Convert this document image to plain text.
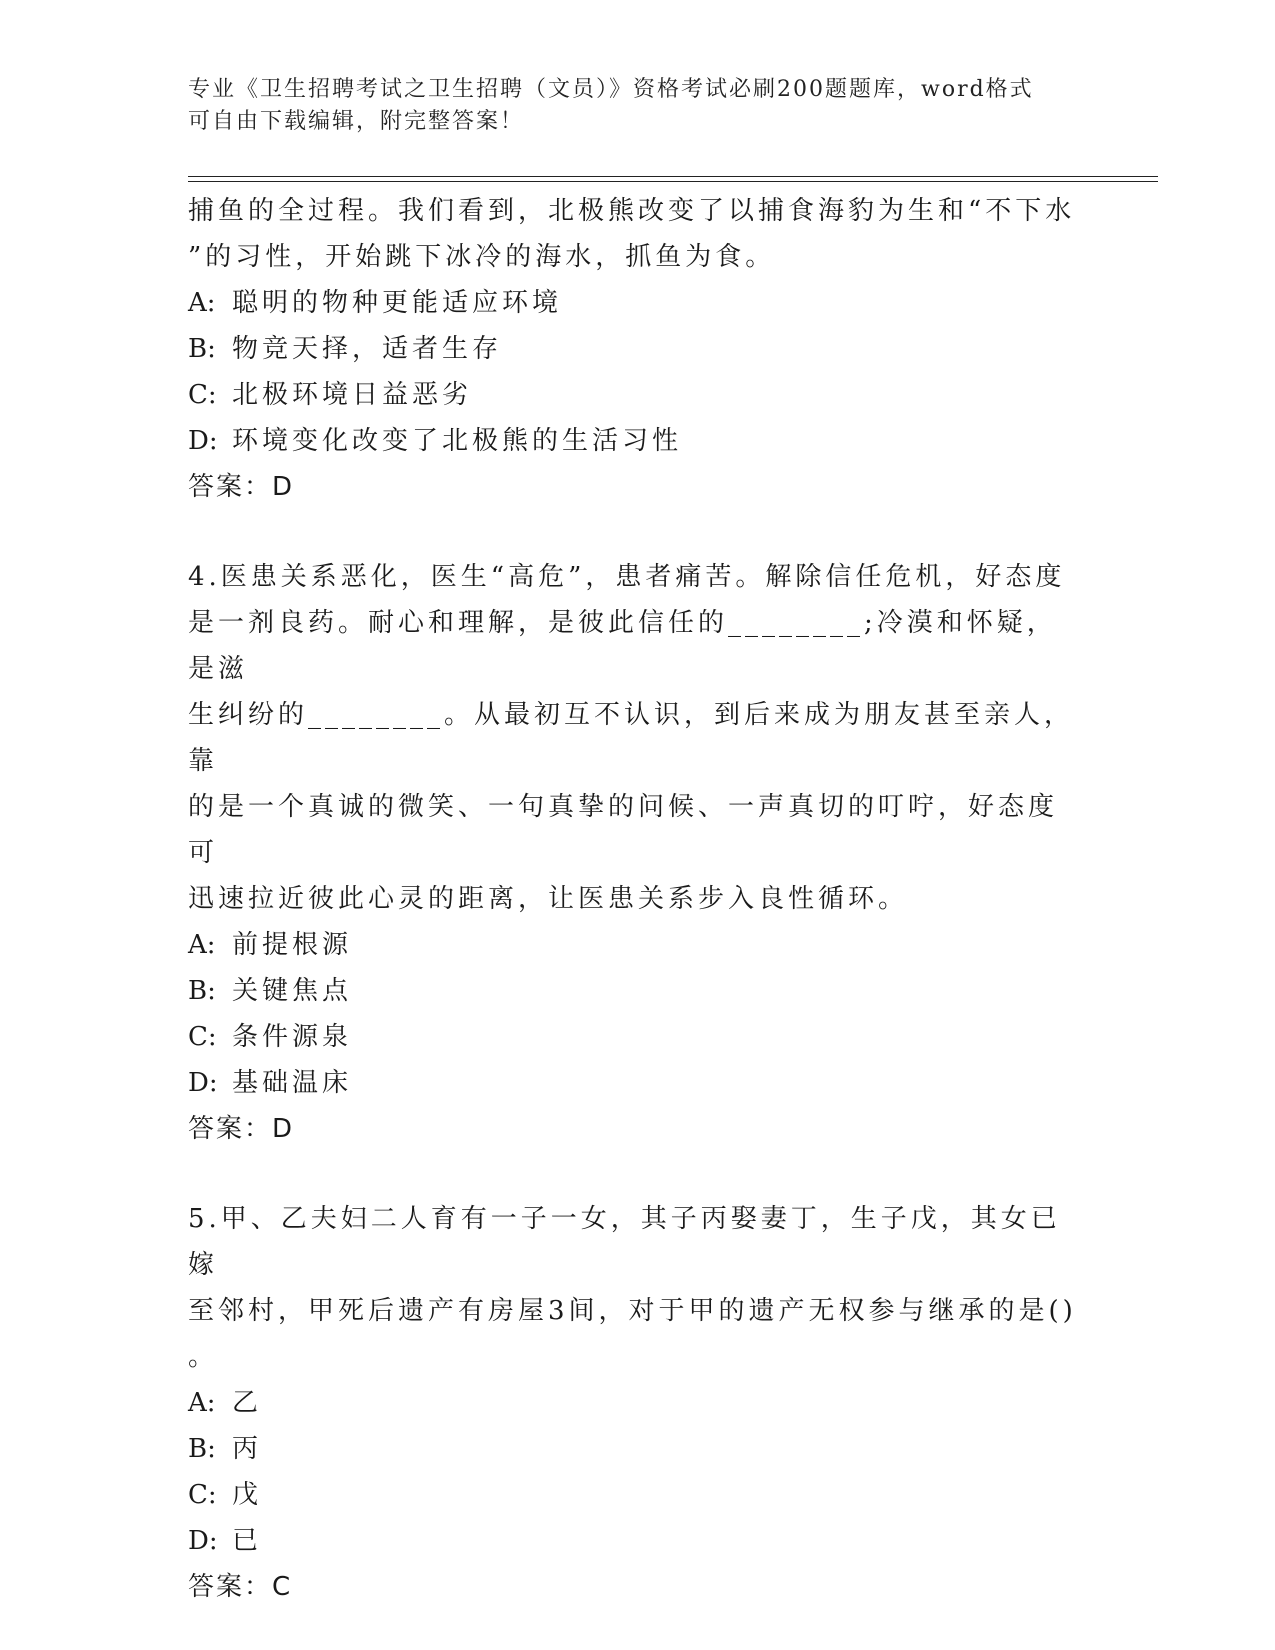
专业《卫生招聘考试之卫生招聘（文员）》资格考试必刷200题题库，word格式
可自由下载编辑，附完整答案！

捕鱼的全过程。我们看到，北极熊改变了以捕食海豹为生和“不下水

”的习性，开始跳下冰冷的海水，抓鱼为食。

A: 聪明的物种更能适应环境

B: 物竞天择，适者生存

C: 北极环境日益恶劣

D: 环境变化改变了北极熊的生活习性

答案：D

4.医患关系恶化，医生“高危”，患者痛苦。解除信任危机，好态度

是一剂良药。耐心和理解，是彼此信任的________;冷漠和怀疑，是滋

生纠纷的________。从最初互不认识，到后来成为朋友甚至亲人，靠

的是一个真诚的微笑、一句真挚的问候、一声真切的叮咛，好态度可

迅速拉近彼此心灵的距离，让医患关系步入良性循环。

A: 前提根源

B: 关键焦点

C: 条件源泉

D: 基础温床

答案：D

5.甲、乙夫妇二人育有一子一女，其子丙娶妻丁，生子戊，其女已嫁

至邻村，甲死后遗产有房屋3间，对于甲的遗产无权参与继承的是()

。

A: 乙

B: 丙

C: 戊

D: 已

答案：C
